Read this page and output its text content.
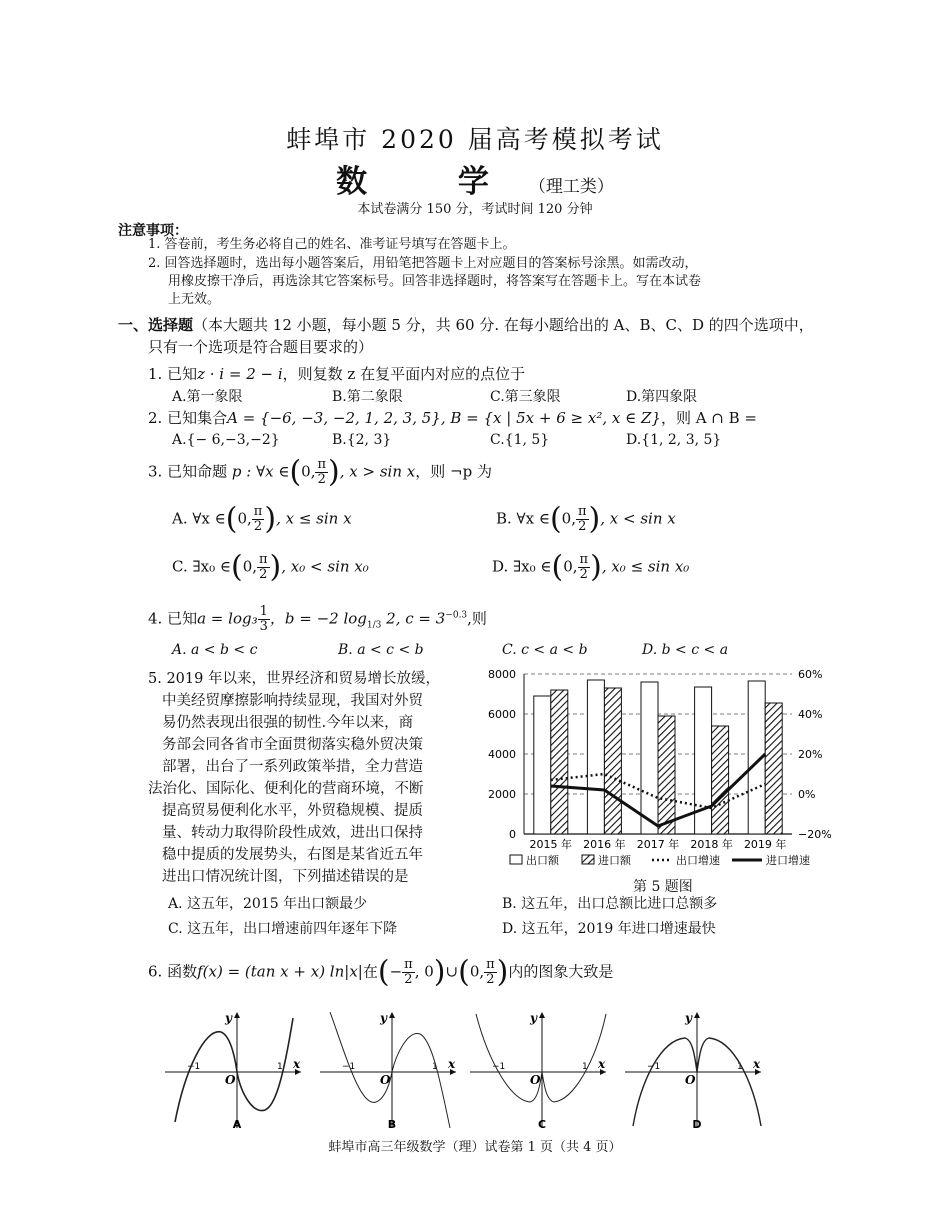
蚌埠市 2020 届高考模拟考试
数 学（理工类）
本试卷满分 150 分，考试时间 120 分钟
注意事项：
1. 答卷前，考生务必将自己的姓名、准考证号填写在答题卡上。
2. 回答选择题时，选出每小题答案后，用铅笔把答题卡上对应题目的答案标号涂黑。如需改动，
用橡皮擦干净后，再选涂其它答案标号。回答非选择题时，将答案写在答题卡上。写在本试卷
上无效。
一、选择题（本大题共 12 小题，每小题 5 分，共 60 分. 在每小题给出的 A、B、C、D 的四个选项中，
只有一个选项是符合题目要求的）
1. 已知z · i = 2 − i，则复数 z 在复平面内对应的点位于
A.第一象限	B.第二象限	C.第三象限	D.第四象限
2. 已知集合A = {−6, −3, −2, 1, 2, 3, 5}, B = {x | 5x + 6 ≥ x², x ∈ Z}，则 A ∩ B =
A.{− 6,−3,−2}	B.{2, 3}	C.{1, 5}	D.{1, 2, 3, 5}
3. 已知命题 p : ∀x ∈(0, $\frac{\pi}{2}$ ), x > sin x，则 ¬p 为
A. ∀x ∈(0, $\frac{\pi}{2}$ ), x ≤ sin x	B. ∀x ∈(0, $\frac{\pi}{2}$ ), x < sin x
C. ∃x₀ ∈(0, $\frac{\pi}{2}$ ), x₀ < sin x₀	D. ∃x₀ ∈(0, $\frac{\pi}{2}$ ), x₀ ≤ sin x₀
4. 已知$a = \log_3 \frac{1}{3}$ ，b = −2 $\log_{1/3} 2$, $c = 3^{-0.3}$,则
A. a < b < c	B. a < c < b	C. c < a < b	D. b < c < a
5. 2019 年以来，世界经济和贸易增长放缓，
中美经贸摩擦影响持续显现，我国对外贸
易仍然表现出很强的韧性.今年以来，商
务部会同各省市全面贯彻落实稳外贸决策
部署，出台了一系列政策举措，全力营造
法治化、国际化、便利化的营商环境，不断
提高贸易便利化水平，外贸稳规模、提质
量、转动力取得阶段性成效，进出口保持
稳中提质的发展势头，右图是某省近五年
进出口情况统计图，下列描述错误的是
0
2000
4000
6000
8000
−20%
0%
20%
40%
60%
2015 年 2016 年 2017 年 2018 年 2019 年
出口额	进口额	出口增速	进口增速
第 5 题图
A. 这五年，2015 年出口额最少	B. 这五年，出口总额比进口总额多
C. 这五年，出口增速前四年逐年下降	D. 这五年，2019 年进口增速最快
6. 函数f(x) = (tan x + x) ln|x|在(− $\frac{\pi}{2}$ , 0)∪(0, $\frac{\pi}{2}$ )内的图象大致是
y
x
O
−1	1
A
y
x
O
−1	1
B
y
x
O
−1	1
C
y
x
O
−1	1
D
蚌埠市高三年级数学（理）试卷第 1 页（共 4 页）
